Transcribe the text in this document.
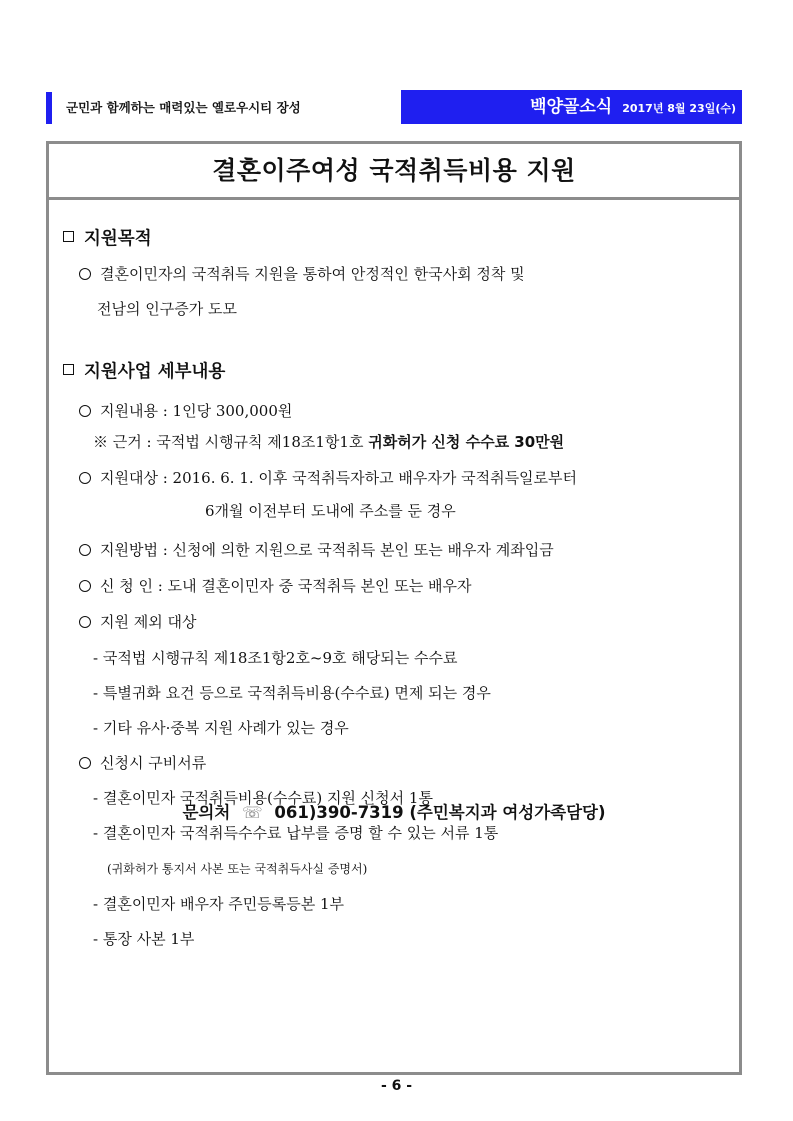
군민과 함께하는 매력있는 옐로우시티 장성	백양골소식 2017년 8월 23일(수)
결혼이주여성 국적취득비용 지원
지원목적
결혼이민자의 국적취득 지원을 통하여 안정적인 한국사회 정착 및
전남의 인구증가 도모
지원사업 세부내용
지원내용 : 1인당 300,000원
※ 근거 : 국적법 시행규칙 제18조1항1호 귀화허가 신청 수수료 30만원
지원대상 : 2016. 6. 1. 이후 국적취득자하고 배우자가 국적취득일로부터
6개월 이전부터 도내에 주소를 둔 경우
지원방법 : 신청에 의한 지원으로 국적취득 본인 또는 배우자 계좌입금
신 청 인 : 도내 결혼이민자 중 국적취득 본인 또는 배우자
지원 제외 대상
- 국적법 시행규칙 제18조1항2호~9호 해당되는 수수료
- 특별귀화 요건 등으로 국적취득비용(수수료) 면제 되는 경우
- 기타 유사·중복 지원 사례가 있는 경우
신청시 구비서류
- 결혼이민자 국적취득비용(수수료) 지원 신청서 1통
- 결혼이민자 국적취득수수료 납부를 증명 할 수 있는 서류 1통
(귀화허가 통지서 사본 또는 국적취득사실 증명서)
- 결혼이민자 배우자 주민등록등본 1부
- 통장 사본 1부
문의처 ☏ 061)390-7319 (주민복지과 여성가족담당)
- 6 -
